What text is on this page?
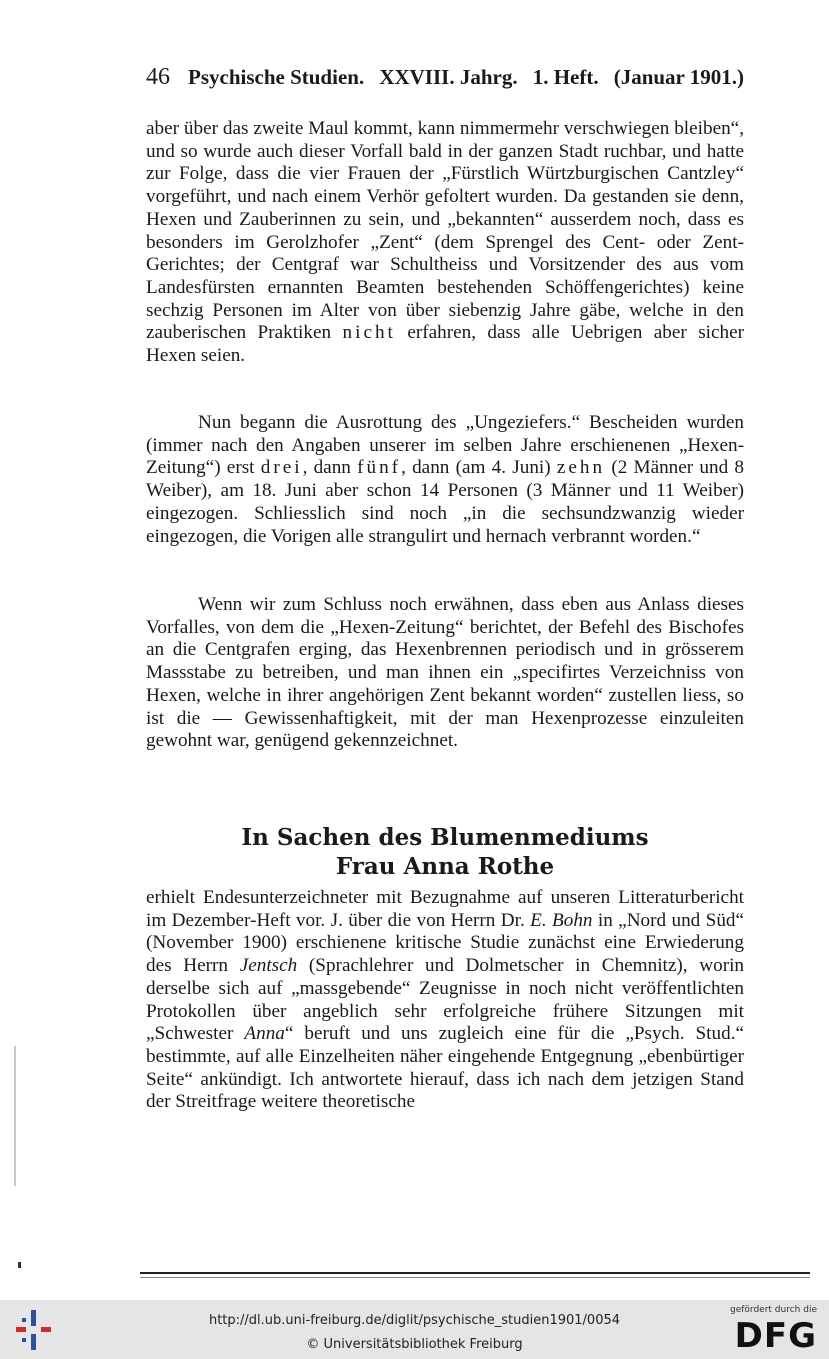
46 Psychische Studien. XXVIII. Jahrg. 1. Heft. (Januar 1901.)

aber über das zweite Maul kommt, kann nimmermehr verschwiegen bleiben“, und so wurde auch dieser Vorfall bald in der ganzen Stadt ruchbar, und hatte zur Folge, dass die vier Frauen der „Fürstlich Würtzburgischen Cantzley“ vorgeführt, und nach einem Verhör gefoltert wurden. Da gestanden sie denn, Hexen und Zauberinnen zu sein, und „bekannten“ ausserdem noch, dass es besonders im Gerolzhofer „Zent“ (dem Sprengel des Cent- oder Zent-Gerichtes; der Centgraf war Schultheiss und Vorsitzender des aus vom Landesfürsten ernannten Beamten bestehenden Schöffengerichtes) keine sechzig Personen im Alter von über siebenzig Jahre gäbe, welche in den zauberischen Praktiken nicht erfahren, dass alle Uebrigen aber sicher Hexen seien.

Nun begann die Ausrottung des „Ungeziefers.“ Bescheiden wurden (immer nach den Angaben unserer im selben Jahre erschienenen „Hexen-Zeitung“) erst drei, dann fünf, dann (am 4. Juni) zehn (2 Männer und 8 Weiber), am 18. Juni aber schon 14 Personen (3 Männer und 11 Weiber) eingezogen. Schliesslich sind noch „in die sechsundzwanzig wieder eingezogen, die Vorigen alle strangulirt und hernach verbrannt worden.“

Wenn wir zum Schluss noch erwähnen, dass eben aus Anlass dieses Vorfalles, von dem die „Hexen-Zeitung“ berichtet, der Befehl des Bischofes an die Centgrafen erging, das Hexenbrennen periodisch und in grösserem Massstabe zu betreiben, und man ihnen ein „specifirtes Verzeichniss von Hexen, welche in ihrer angehörigen Zent bekannt worden“ zustellen liess, so ist die — Gewissenhaftigkeit, mit der man Hexenprozesse einzuleiten gewohnt war, genügend gekennzeichnet.

In Sachen des Blumenmediums
Frau Anna Rothe

erhielt Endesunterzeichneter mit Bezugnahme auf unseren Litteraturbericht im Dezember-Heft vor. J. über die von Herrn Dr. E. Bohn in „Nord und Süd“ (November 1900) erschienene kritische Studie zunächst eine Erwiederung des Herrn Jentsch (Sprachlehrer und Dolmetscher in Chemnitz), worin derselbe sich auf „massgebende“ Zeugnisse in noch nicht veröffentlichten Protokollen über angeblich sehr erfolgreiche frühere Sitzungen mit „Schwester Anna“ beruft und uns zugleich eine für die „Psych. Stud.“ bestimmte, auf alle Einzelheiten näher eingehende Entgegnung „ebenbürtiger Seite“ ankündigt. Ich antwortete hierauf, dass ich nach dem jetzigen Stand der Streitfrage weitere theoretische

http://dl.ub.uni-freiburg.de/diglit/psychische_studien1901/0054
© Universitätsbibliothek Freiburg
gefördert durch die
DFG
